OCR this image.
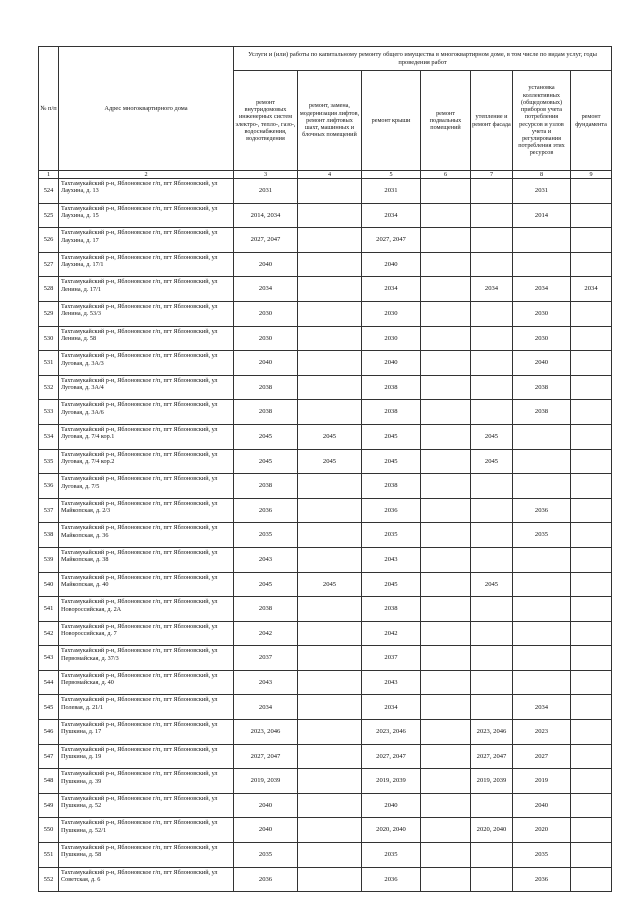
№ п/п	Адрес многоквартирного дома	Услуги и (или) работы по капитальному ремонту общего имущества в многоквартирном доме, в том числе по видам услуг, годы проведения работ						
		ремонт внутридомовых инженерных систем электро-, тепло-, газо-, водоснабжения, водоотведения	ремонт, замена, модернизация лифтов, ремонт лифтовых шахт, машинных и блочных помещений	ремонт крыши	ремонт подвальных помещений	утепление и ремонт фасада	установка коллективных (общедомовых) приборов учета потребления ресурсов и узлов учета и регулирования потребления этих ресурсов	ремонт фундамента
1	2	3	4	5	6	7	8	9
524	Тахтамукайский р-н, Яблоновское г/п, пгт Яблоновский, ул Лаухина, д. 13	2031		2031			2031	
525	Тахтамукайский р-н, Яблоновское г/п, пгт Яблоновский, ул Лаухина, д. 15	2014, 2034		2034			2014	
526	Тахтамукайский р-н, Яблоновское г/п, пгт Яблоновский, ул Лаухина, д. 17	2027, 2047		2027, 2047				
527	Тахтамукайский р-н, Яблоновское г/п, пгт Яблоновский, ул Лаухина, д. 17/1	2040		2040				
528	Тахтамукайский р-н, Яблоновское г/п, пгт Яблоновский, ул Ленина, д. 17/1	2034		2034		2034	2034	2034
529	Тахтамукайский р-н, Яблоновское г/п, пгт Яблоновский, ул Ленина, д. 53/3	2030		2030			2030	
530	Тахтамукайский р-н, Яблоновское г/п, пгт Яблоновский, ул Ленина, д. 58	2030		2030			2030	
531	Тахтамукайский р-н, Яблоновское г/п, пгт Яблоновский, ул Луговая, д. 3А/3	2040		2040			2040	
532	Тахтамукайский р-н, Яблоновское г/п, пгт Яблоновский, ул Луговая, д. 3А/4	2038		2038			2038	
533	Тахтамукайский р-н, Яблоновское г/п, пгт Яблоновский, ул Луговая, д. 3А/6	2038		2038			2038	
534	Тахтамукайский р-н, Яблоновское г/п, пгт Яблоновский, ул Луговая, д. 7/4 кор.1	2045	2045	2045		2045		
535	Тахтамукайский р-н, Яблоновское г/п, пгт Яблоновский, ул Луговая, д. 7/4 кор.2	2045	2045	2045		2045		
536	Тахтамукайский р-н, Яблоновское г/п, пгт Яблоновский, ул Луговая, д. 7/5	2038		2038				
537	Тахтамукайский р-н, Яблоновское г/п, пгт Яблоновский, ул Майкопская, д. 2/3	2036		2036			2036	
538	Тахтамукайский р-н, Яблоновское г/п, пгт Яблоновский, ул Майкопская, д. 36	2035		2035			2035	
539	Тахтамукайский р-н, Яблоновское г/п, пгт Яблоновский, ул Майкопская, д. 38	2043		2043				
540	Тахтамукайский р-н, Яблоновское г/п, пгт Яблоновский, ул Майкопская, д. 40	2045	2045	2045		2045		
541	Тахтамукайский р-н, Яблоновское г/п, пгт Яблоновский, ул Новороссийская, д. 2А	2038		2038				
542	Тахтамукайский р-н, Яблоновское г/п, пгт Яблоновский, ул Новороссийская, д. 7	2042		2042				
543	Тахтамукайский р-н, Яблоновское г/п, пгт Яблоновский, ул Первомайская, д. 37/3	2037		2037				
544	Тахтамукайский р-н, Яблоновское г/п, пгт Яблоновский, ул Первомайская, д. 40	2043		2043				
545	Тахтамукайский р-н, Яблоновское г/п, пгт Яблоновский, ул Полевая, д. 21/1	2034		2034			2034	
546	Тахтамукайский р-н, Яблоновское г/п, пгт Яблоновский, ул Пушкина, д. 17	2023, 2046		2023, 2046		2023, 2046	2023	
547	Тахтамукайский р-н, Яблоновское г/п, пгт Яблоновский, ул Пушкина, д. 19	2027, 2047		2027, 2047		2027, 2047	2027	
548	Тахтамукайский р-н, Яблоновское г/п, пгт Яблоновский, ул Пушкина, д. 39	2019, 2039		2019, 2039		2019, 2039	2019	
549	Тахтамукайский р-н, Яблоновское г/п, пгт Яблоновский, ул Пушкина, д. 52	2040		2040			2040	
550	Тахтамукайский р-н, Яблоновское г/п, пгт Яблоновский, ул Пушкина, д. 52/1	2040		2020, 2040		2020, 2040	2020	
551	Тахтамукайский р-н, Яблоновское г/п, пгт Яблоновский, ул Пушкина, д. 58	2035		2035			2035	
552	Тахтамукайский р-н, Яблоновское г/п, пгт Яблоновский, ул Советская, д. 6	2036		2036			2036	
